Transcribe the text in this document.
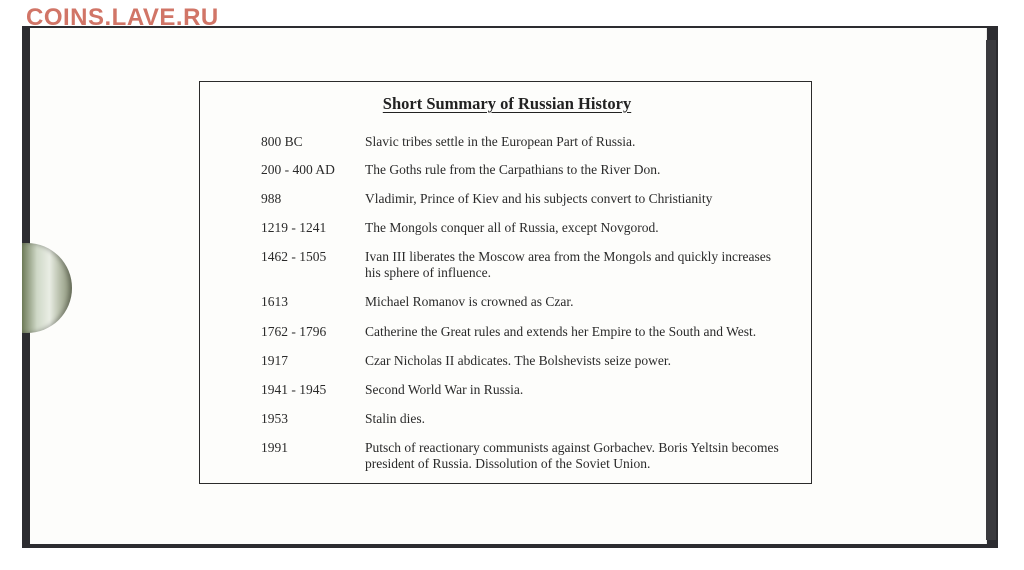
COINS.LAVE.RU
Short Summary of Russian History
800 BC	Slavic tribes settle in the European Part of Russia.
200 - 400 AD	The Goths rule from the Carpathians to the River Don.
988	Vladimir, Prince of Kiev and his subjects convert to Christianity
1219 - 1241	The Mongols conquer all of Russia, except Novgorod.
1462 - 1505	Ivan III liberates the Moscow area from the Mongols and quickly increases his sphere of influence.
1613	Michael Romanov is crowned as Czar.
1762 - 1796	Catherine the Great rules and extends her Empire to the South and West.
1917	Czar Nicholas II abdicates. The Bolshevists seize power.
1941 - 1945	Second World War in Russia.
1953	Stalin dies.
1991	Putsch of reactionary communists against Gorbachev. Boris Yeltsin becomes president of Russia. Dissolution of the Soviet Union.
